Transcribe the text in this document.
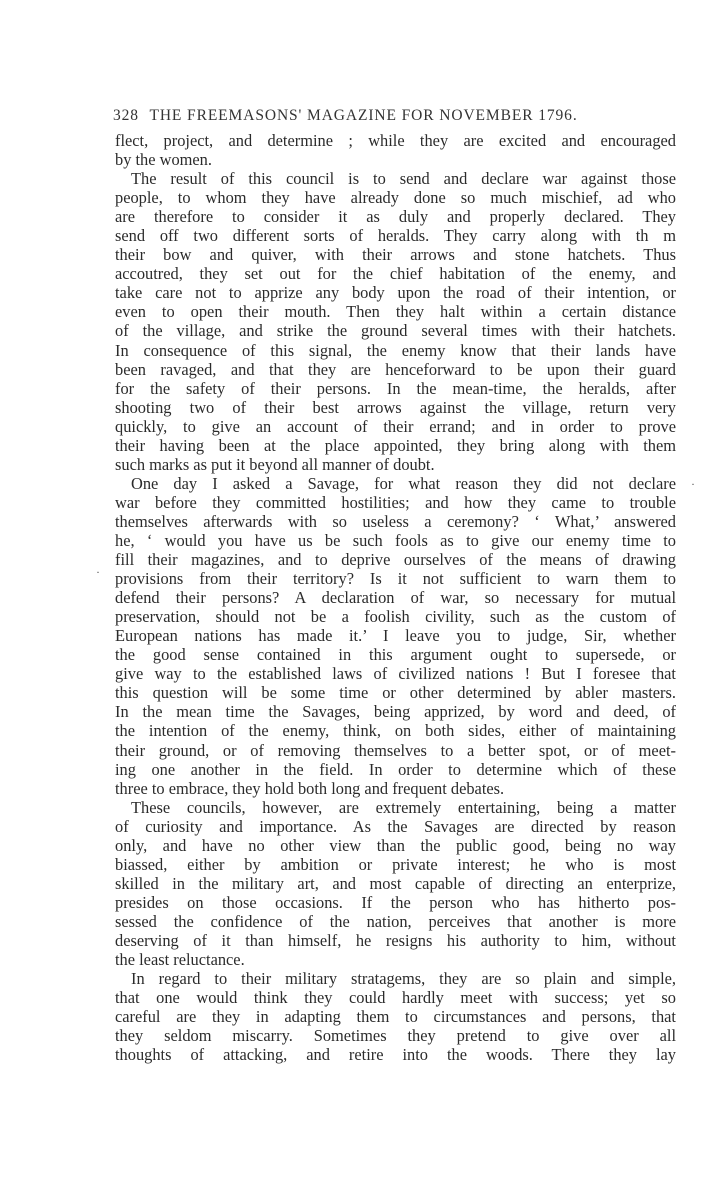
328 THE FREEMASONS' MAGAZINE FOR NOVEMBER 1796.
flect, project, and determine ; while they are excited and encouraged
by the women.
The result of this council is to send and declare war against those
people, to whom they have already done so much mischief, ad who
are therefore to consider it as duly and properly declared. They
send off two different sorts of heralds. They carry along with th m
their bow and quiver, with their arrows and stone hatchets. Thus
accoutred, they set out for the chief habitation of the enemy, and
take care not to apprize any body upon the road of their intention, or
even to open their mouth. Then they halt within a certain distance
of the village, and strike the ground several times with their hatchets.
In consequence of this signal, the enemy know that their lands have
been ravaged, and that they are henceforward to be upon their guard
for the safety of their persons. In the mean-time, the heralds, after
shooting two of their best arrows against the village, return very
quickly, to give an account of their errand; and in order to prove
their having been at the place appointed, they bring along with them
such marks as put it beyond all manner of doubt.
One day I asked a Savage, for what reason they did not declare
war before they committed hostilities; and how they came to trouble
themselves afterwards with so useless a ceremony? ‘ What,’ answered
he, ‘ would you have us be such fools as to give our enemy time to
fill their magazines, and to deprive ourselves of the means of drawing
provisions from their territory? Is it not sufficient to warn them to
defend their persons? A declaration of war, so necessary for mutual
preservation, should not be a foolish civility, such as the custom of
European nations has made it.’ I leave you to judge, Sir, whether
the good sense contained in this argument ought to supersede, or
give way to the established laws of civilized nations ! But I foresee that
this question will be some time or other determined by abler masters.
In the mean time the Savages, being apprized, by word and deed, of
the intention of the enemy, think, on both sides, either of maintaining
their ground, or of removing themselves to a better spot, or of meet-
ing one another in the field. In order to determine which of these
three to embrace, they hold both long and frequent debates.
These councils, however, are extremely entertaining, being a matter
of curiosity and importance. As the Savages are directed by reason
only, and have no other view than the public good, being no way
biassed, either by ambition or private interest; he who is most
skilled in the military art, and most capable of directing an enterprize,
presides on those occasions. If the person who has hitherto pos-
sessed the confidence of the nation, perceives that another is more
deserving of it than himself, he resigns his authority to him, without
the least reluctance.
In regard to their military stratagems, they are so plain and simple,
that one would think they could hardly meet with success; yet so
careful are they in adapting them to circumstances and persons, that
they seldom miscarry. Sometimes they pretend to give over all
thoughts of attacking, and retire into the woods. There they lay
·
·
